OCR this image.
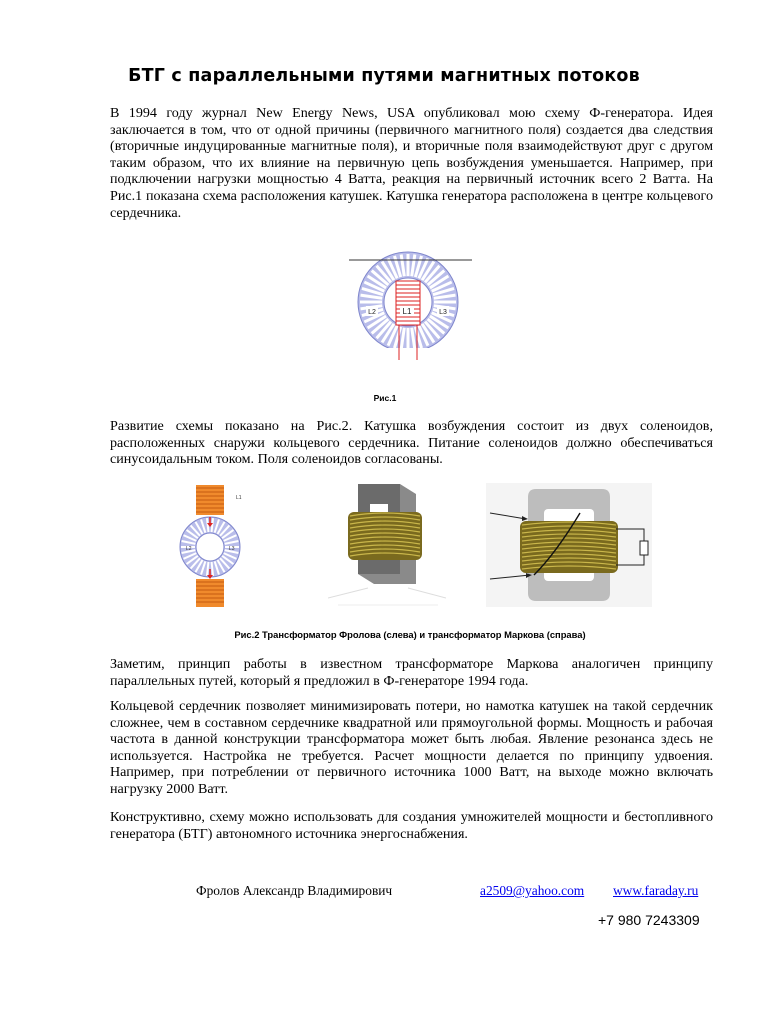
БТГ с параллельными путями магнитных потоков

В 1994 году журнал New Energy News, USA опубликовал мою схему Ф-генератора. Идея заключается в том, что от одной причины (первичного магнитного поля) создается два следствия (вторичные индуцированные магнитные поля), и вторичные поля взаимодействуют друг с другом таким образом, что их влияние на первичную цепь возбуждения уменьшается. Например, при подключении нагрузки мощностью 4 Ватта, реакция на первичный источник всего 2 Ватта. На Рис.1 показана схема расположения катушек. Катушка генератора расположена в центре кольцевого сердечника.

L1
L2	L3

Рис.1

Развитие схемы показано на Рис.2. Катушка возбуждения состоит из двух соленоидов, расположенных снаружи кольцевого сердечника. Питание соленоидов должно обеспечиваться синусоидальным током. Поля соленоидов согласованы.

L1
L2	L3

Рис.2 Трансформатор Фролова (слева) и трансформатор Маркова (справа)

Заметим, принцип работы в известном трансформаторе Маркова аналогичен принципу параллельных путей, который я предложил в Ф-генераторе 1994 года.

Кольцевой сердечник позволяет минимизировать потери, но намотка катушек на такой сердечник сложнее, чем в составном сердечнике квадратной или прямоугольной формы. Мощность и рабочая частота в данной конструкции трансформатора может быть любая. Явление резонанса здесь не используется. Настройка не требуется. Расчет мощности делается по принципу удвоения. Например, при потреблении от первичного источника 1000 Ватт, на выходе можно включать нагрузку 2000 Ватт.

Конструктивно, схему можно использовать для создания умножителей мощности и бестопливного генератора (БТГ) автономного источника энергоснабжения.

Фролов Александр Владимирович	a2509@yahoo.com www.faraday.ru
+7 980 7243309
